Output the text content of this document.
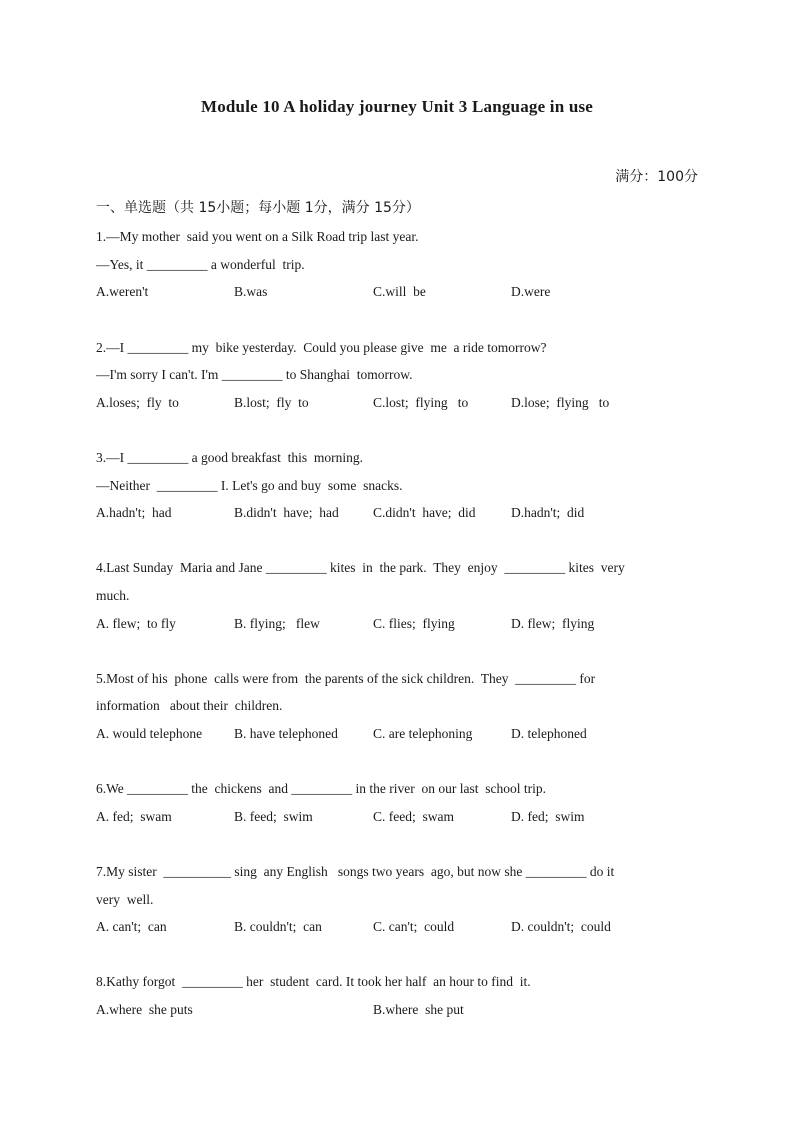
Module 10 A holiday journey Unit 3 Language in use
满分：100分
一、单选题（共 15小题；每小题 1分，满分 15分）
1.—My mother  said you went on a Silk Road trip last year.
—Yes, it _________ a wonderful  trip.
A.weren't	B.was	C.will  be	D.were
2.—I _________ my  bike yesterday.  Could you please give  me  a ride tomorrow?
—I'm sorry I can't. I'm _________ to Shanghai  tomorrow.
A.loses;  fly  to	B.lost;  fly  to	C.lost;  flying   to	D.lose;  flying   to
3.—I _________ a good breakfast  this  morning.
—Neither  _________ I. Let's go and buy  some  snacks.
A.hadn't;  had	B.didn't  have;  had	C.didn't  have;  did	D.hadn't;  did
4.Last Sunday  Maria and Jane _________ kites  in  the park.  They  enjoy  _________ kites  very
much.
A. flew;  to fly	B. flying;   flew	C. flies;  flying	D. flew;  flying
5.Most of his  phone  calls were from  the parents of the sick children.  They  _________ for
information   about their  children.
A. would telephone B. have telephoned	C. are telephoning	D. telephoned
6.We _________ the  chickens  and _________ in the river  on our last  school trip.
A. fed;  swam	B. feed;  swim	C. feed;  swam	D. fed;  swim
7.My sister  __________ sing  any English   songs two years  ago, but now she _________ do it
very  well.
A. can't;  can	B. couldn't;  can	C. can't;  could	D. couldn't;  could
8.Kathy forgot  _________ her  student  card. It took her half  an hour to find  it.
A.where  she puts	B.where  she put
